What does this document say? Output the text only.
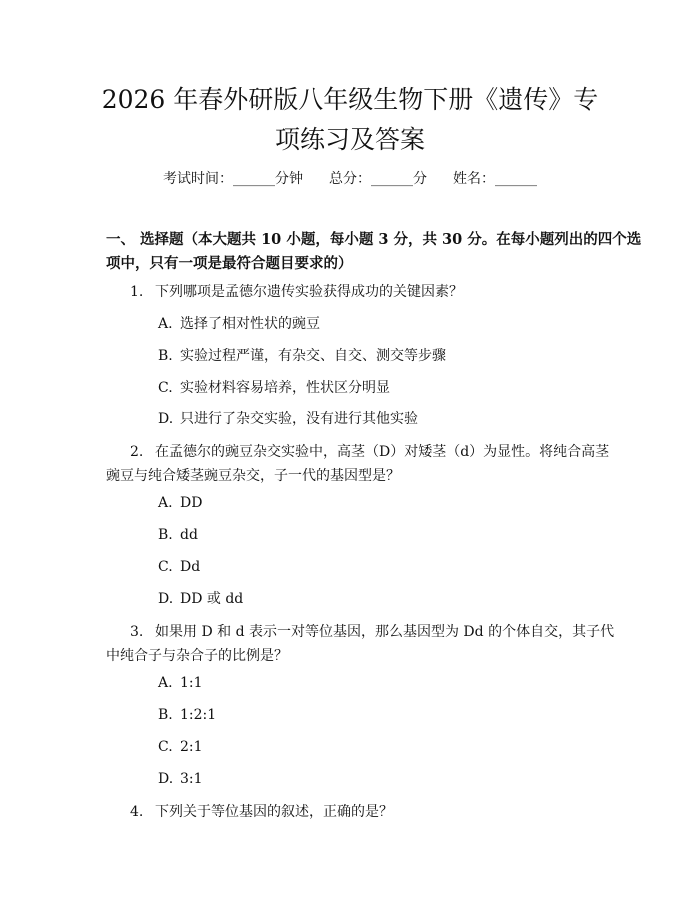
2026 年春外研版八年级生物下册《遗传》专
项练习及答案
考试时间：______分钟 总分：______分 姓名：______
一、 选择题（本大题共 10 小题，每小题 3 分，共 30 分。在每小题列出的四个选
项中，只有一项是最符合题目要求的）
1. 下列哪项是孟德尔遗传实验获得成功的关键因素？
A. 选择了相对性状的豌豆
B. 实验过程严谨，有杂交、自交、测交等步骤
C. 实验材料容易培养，性状区分明显
D. 只进行了杂交实验，没有进行其他实验
2. 在孟德尔的豌豆杂交实验中，高茎（D）对矮茎（d）为显性。将纯合高茎
豌豆与纯合矮茎豌豆杂交，子一代的基因型是？
A. DD
B. dd
C. Dd
D. DD 或 dd
3. 如果用 D 和 d 表示一对等位基因，那么基因型为 Dd 的个体自交，其子代
中纯合子与杂合子的比例是？
A. 1:1
B. 1:2:1
C. 2:1
D. 3:1
4. 下列关于等位基因的叙述，正确的是？
